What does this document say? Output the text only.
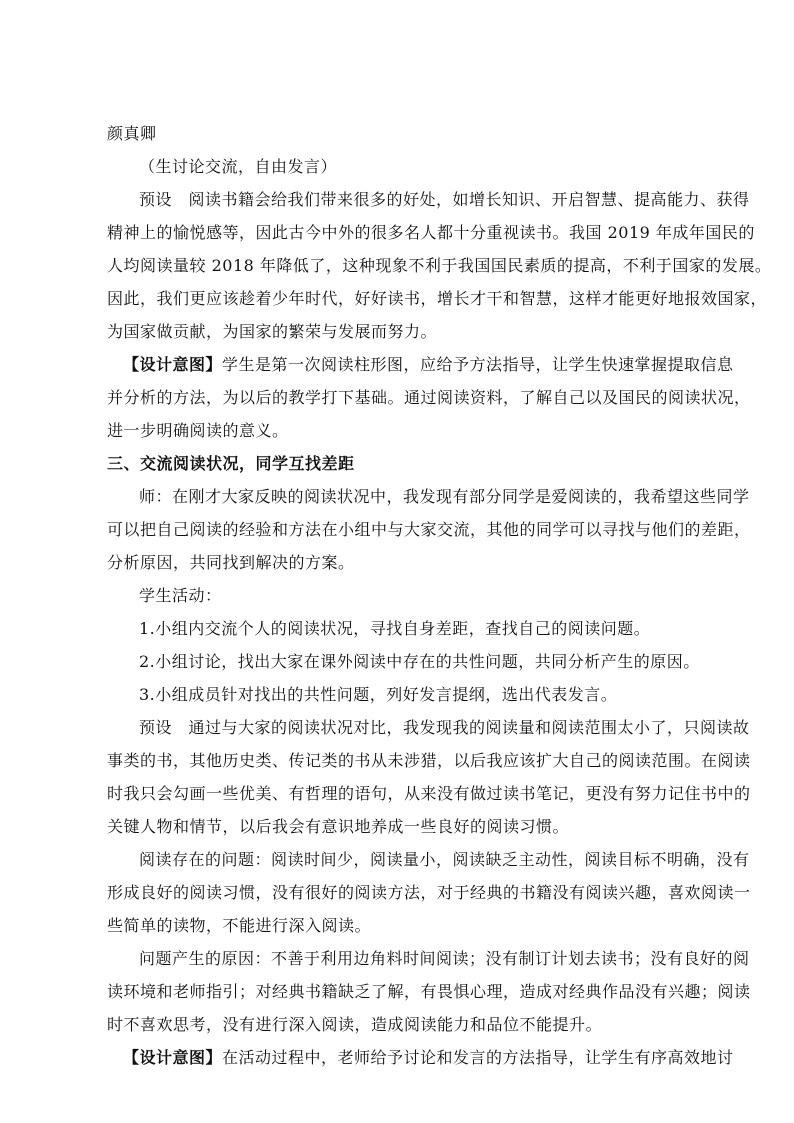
颜真卿
（生讨论交流，自由发言）
预设　阅读书籍会给我们带来很多的好处，如增长知识、开启智慧、提高能力、获得
精神上的愉悦感等，因此古今中外的很多名人都十分重视读书。我国 2019 年成年国民的
人均阅读量较 2018 年降低了，这种现象不利于我国国民素质的提高，不利于国家的发展。
因此，我们更应该趁着少年时代，好好读书，增长才干和智慧，这样才能更好地报效国家，
为国家做贡献，为国家的繁荣与发展而努力。
【设计意图】学生是第一次阅读柱形图，应给予方法指导，让学生快速掌握提取信息
并分析的方法，为以后的教学打下基础。通过阅读资料，了解自己以及国民的阅读状况，
进一步明确阅读的意义。
三、交流阅读状况，同学互找差距
师：在刚才大家反映的阅读状况中，我发现有部分同学是爱阅读的，我希望这些同学
可以把自己阅读的经验和方法在小组中与大家交流，其他的同学可以寻找与他们的差距，
分析原因，共同找到解决的方案。
学生活动：
1.小组内交流个人的阅读状况，寻找自身差距，查找自己的阅读问题。
2.小组讨论，找出大家在课外阅读中存在的共性问题，共同分析产生的原因。
3.小组成员针对找出的共性问题，列好发言提纲，选出代表发言。
预设　通过与大家的阅读状况对比，我发现我的阅读量和阅读范围太小了，只阅读故
事类的书，其他历史类、传记类的书从未涉猎，以后我应该扩大自己的阅读范围。在阅读
时我只会勾画一些优美、有哲理的语句，从来没有做过读书笔记，更没有努力记住书中的
关键人物和情节，以后我会有意识地养成一些良好的阅读习惯。
阅读存在的问题：阅读时间少，阅读量小，阅读缺乏主动性，阅读目标不明确，没有
形成良好的阅读习惯，没有很好的阅读方法，对于经典的书籍没有阅读兴趣，喜欢阅读一
些简单的读物，不能进行深入阅读。
问题产生的原因：不善于利用边角料时间阅读；没有制订计划去读书；没有良好的阅
读环境和老师指引；对经典书籍缺乏了解，有畏惧心理，造成对经典作品没有兴趣；阅读
时不喜欢思考，没有进行深入阅读，造成阅读能力和品位不能提升。
【设计意图】在活动过程中，老师给予讨论和发言的方法指导，让学生有序高效地讨
